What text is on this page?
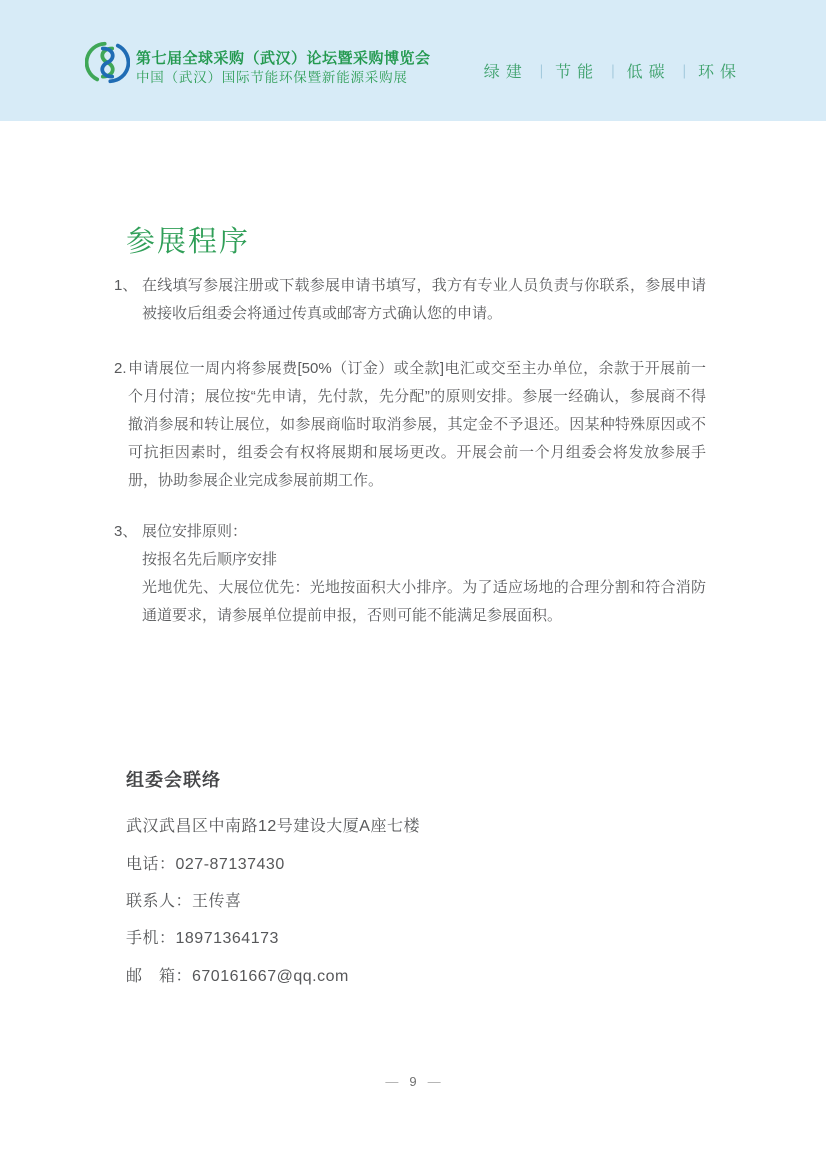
第七届全球采购（武汉）论坛暨采购博览会
中国（武汉）国际节能环保暨新能源采购展	绿建 | 节能 | 低碳 | 环保
参展程序
1、 在线填写参展注册或下载参展申请书填写，我方有专业人员负责与你联系，参展申请被接收后组委会将通过传真或邮寄方式确认您的申请。
2. 申请展位一周内将参展费[50%（订金）或全款]电汇或交至主办单位，余款于开展前一个月付清；展位按“先申请，先付款，先分配”的原则安排。参展一经确认，参展商不得撤消参展和转让展位，如参展商临时取消参展，其定金不予退还。因某种特殊原因或不可抗拒因素时，组委会有权将展期和展场更改。开展会前一个月组委会将发放参展手册，协助参展企业完成参展前期工作。
3、 展位安排原则：
按报名先后顺序安排
光地优先、大展位优先：光地按面积大小排序。为了适应场地的合理分割和符合消防通道要求，请参展单位提前申报，否则可能不能满足参展面积。
组委会联络
武汉武昌区中南路12号建设大厦A座七楼
电话：027-87137430
联系人：王传喜
手机：18971364173
邮　箱：670161667@qq.com
— 9 —
